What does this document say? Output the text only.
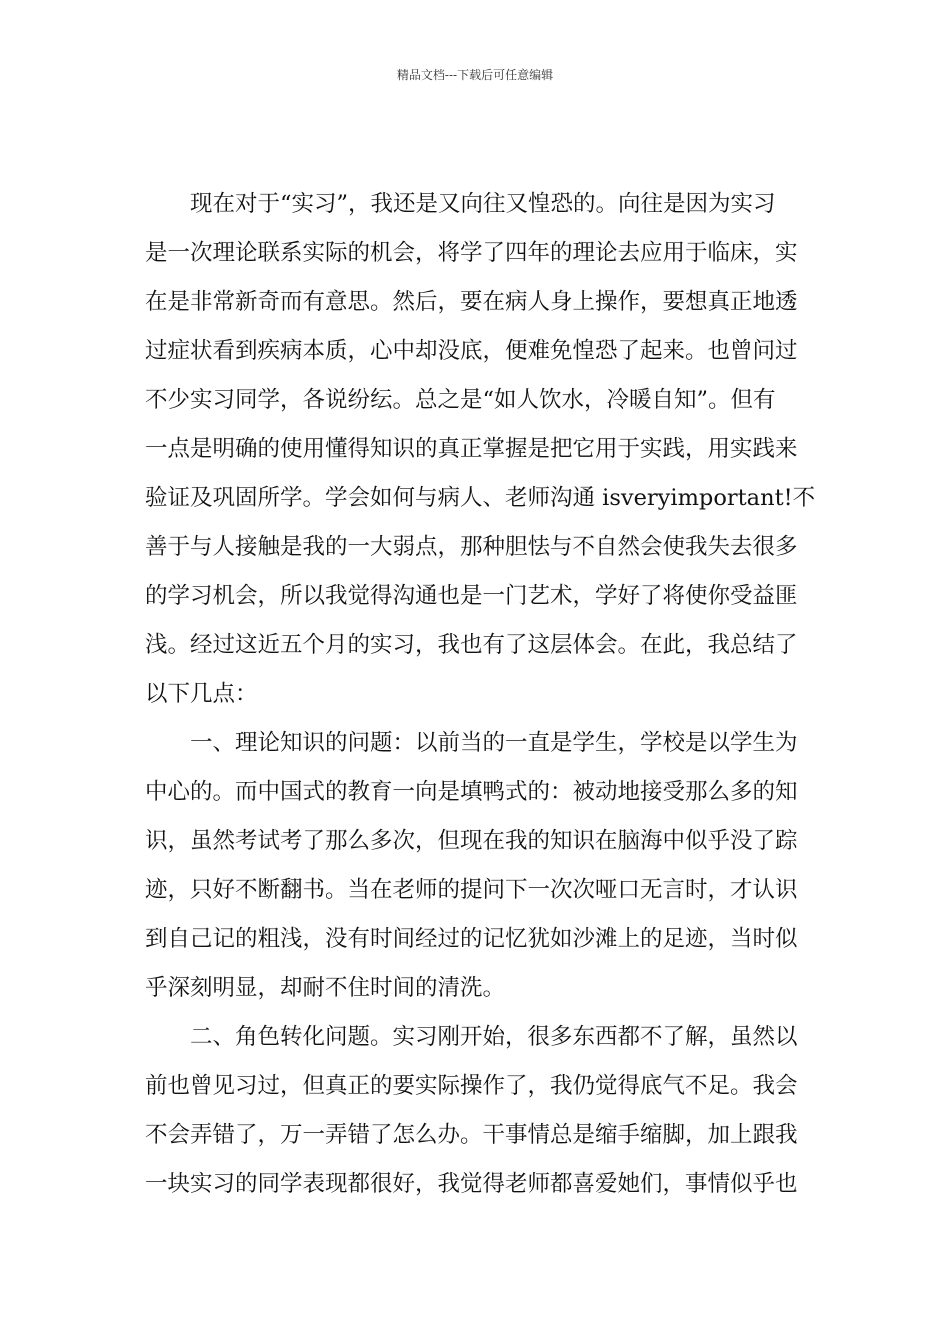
精品文档---下载后可任意编辑
现在对于“实习”，我还是又向往又惶恐的。向往是因为实习
是一次理论联系实际的机会，将学了四年的理论去应用于临床，实
在是非常新奇而有意思。然后，要在病人身上操作，要想真正地透
过症状看到疾病本质，心中却没底，便难免惶恐了起来。也曾问过
不少实习同学，各说纷纭。总之是“如人饮水，冷暖自知”。但有
一点是明确的使用懂得知识的真正掌握是把它用于实践，用实践来
验证及巩固所学。学会如何与病人、老师沟通 isveryimportant!不
善于与人接触是我的一大弱点，那种胆怯与不自然会使我失去很多
的学习机会，所以我觉得沟通也是一门艺术，学好了将使你受益匪
浅。经过这近五个月的实习，我也有了这层体会。在此，我总结了
以下几点：
一、理论知识的问题：以前当的一直是学生，学校是以学生为
中心的。而中国式的教育一向是填鸭式的：被动地接受那么多的知
识，虽然考试考了那么多次，但现在我的知识在脑海中似乎没了踪
迹，只好不断翻书。当在老师的提问下一次次哑口无言时，才认识
到自己记的粗浅，没有时间经过的记忆犹如沙滩上的足迹，当时似
乎深刻明显，却耐不住时间的清洗。
二、角色转化问题。实习刚开始，很多东西都不了解，虽然以
前也曾见习过，但真正的要实际操作了，我仍觉得底气不足。我会
不会弄错了，万一弄错了怎么办。干事情总是缩手缩脚，加上跟我
一块实习的同学表现都很好，我觉得老师都喜爱她们，事情似乎也
